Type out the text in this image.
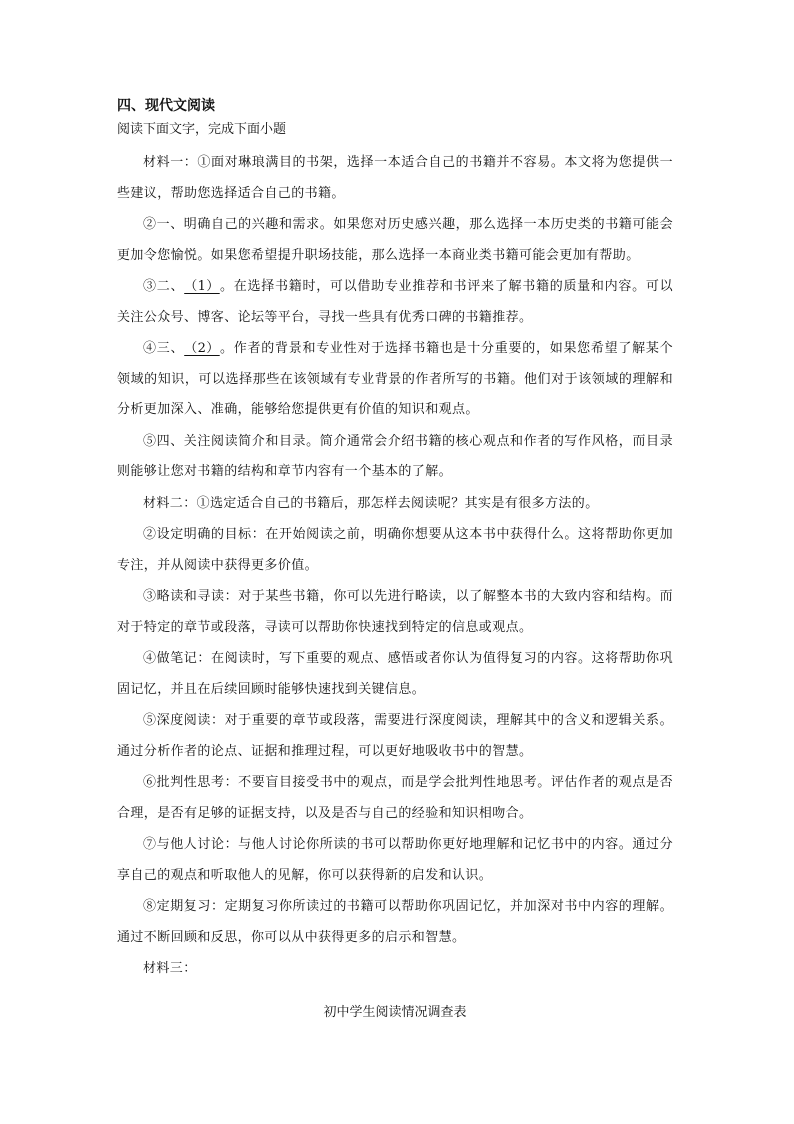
四、现代文阅读
阅读下面文字，完成下面小题

材料一：①面对琳琅满目的书架，选择一本适合自己的书籍并不容易。本文将为您提供一些建议，帮助您选择适合自己的书籍。

②一、明确自己的兴趣和需求。如果您对历史感兴趣，那么选择一本历史类的书籍可能会更加令您愉悦。如果您希望提升职场技能，那么选择一本商业类书籍可能会更加有帮助。

③二、（1）。在选择书籍时，可以借助专业推荐和书评来了解书籍的质量和内容。可以关注公众号、博客、论坛等平台，寻找一些具有优秀口碑的书籍推荐。

④三、（2）。作者的背景和专业性对于选择书籍也是十分重要的，如果您希望了解某个领域的知识，可以选择那些在该领域有专业背景的作者所写的书籍。他们对于该领域的理解和分析更加深入、准确，能够给您提供更有价值的知识和观点。

⑤四、关注阅读简介和目录。简介通常会介绍书籍的核心观点和作者的写作风格，而目录则能够让您对书籍的结构和章节内容有一个基本的了解。

材料二：①选定适合自己的书籍后，那怎样去阅读呢？其实是有很多方法的。

②设定明确的目标：在开始阅读之前，明确你想要从这本书中获得什么。这将帮助你更加专注，并从阅读中获得更多价值。

③略读和寻读：对于某些书籍，你可以先进行略读，以了解整本书的大致内容和结构。而对于特定的章节或段落，寻读可以帮助你快速找到特定的信息或观点。

④做笔记：在阅读时，写下重要的观点、感悟或者你认为值得复习的内容。这将帮助你巩固记忆，并且在后续回顾时能够快速找到关键信息。

⑤深度阅读：对于重要的章节或段落，需要进行深度阅读，理解其中的含义和逻辑关系。通过分析作者的论点、证据和推理过程，可以更好地吸收书中的智慧。

⑥批判性思考：不要盲目接受书中的观点，而是学会批判性地思考。评估作者的观点是否合理，是否有足够的证据支持，以及是否与自己的经验和知识相吻合。

⑦与他人讨论：与他人讨论你所读的书可以帮助你更好地理解和记忆书中的内容。通过分享自己的观点和听取他人的见解，你可以获得新的启发和认识。

⑧定期复习：定期复习你所读过的书籍可以帮助你巩固记忆，并加深对书中内容的理解。通过不断回顾和反思，你可以从中获得更多的启示和智慧。

材料三：

初中学生阅读情况调查表
